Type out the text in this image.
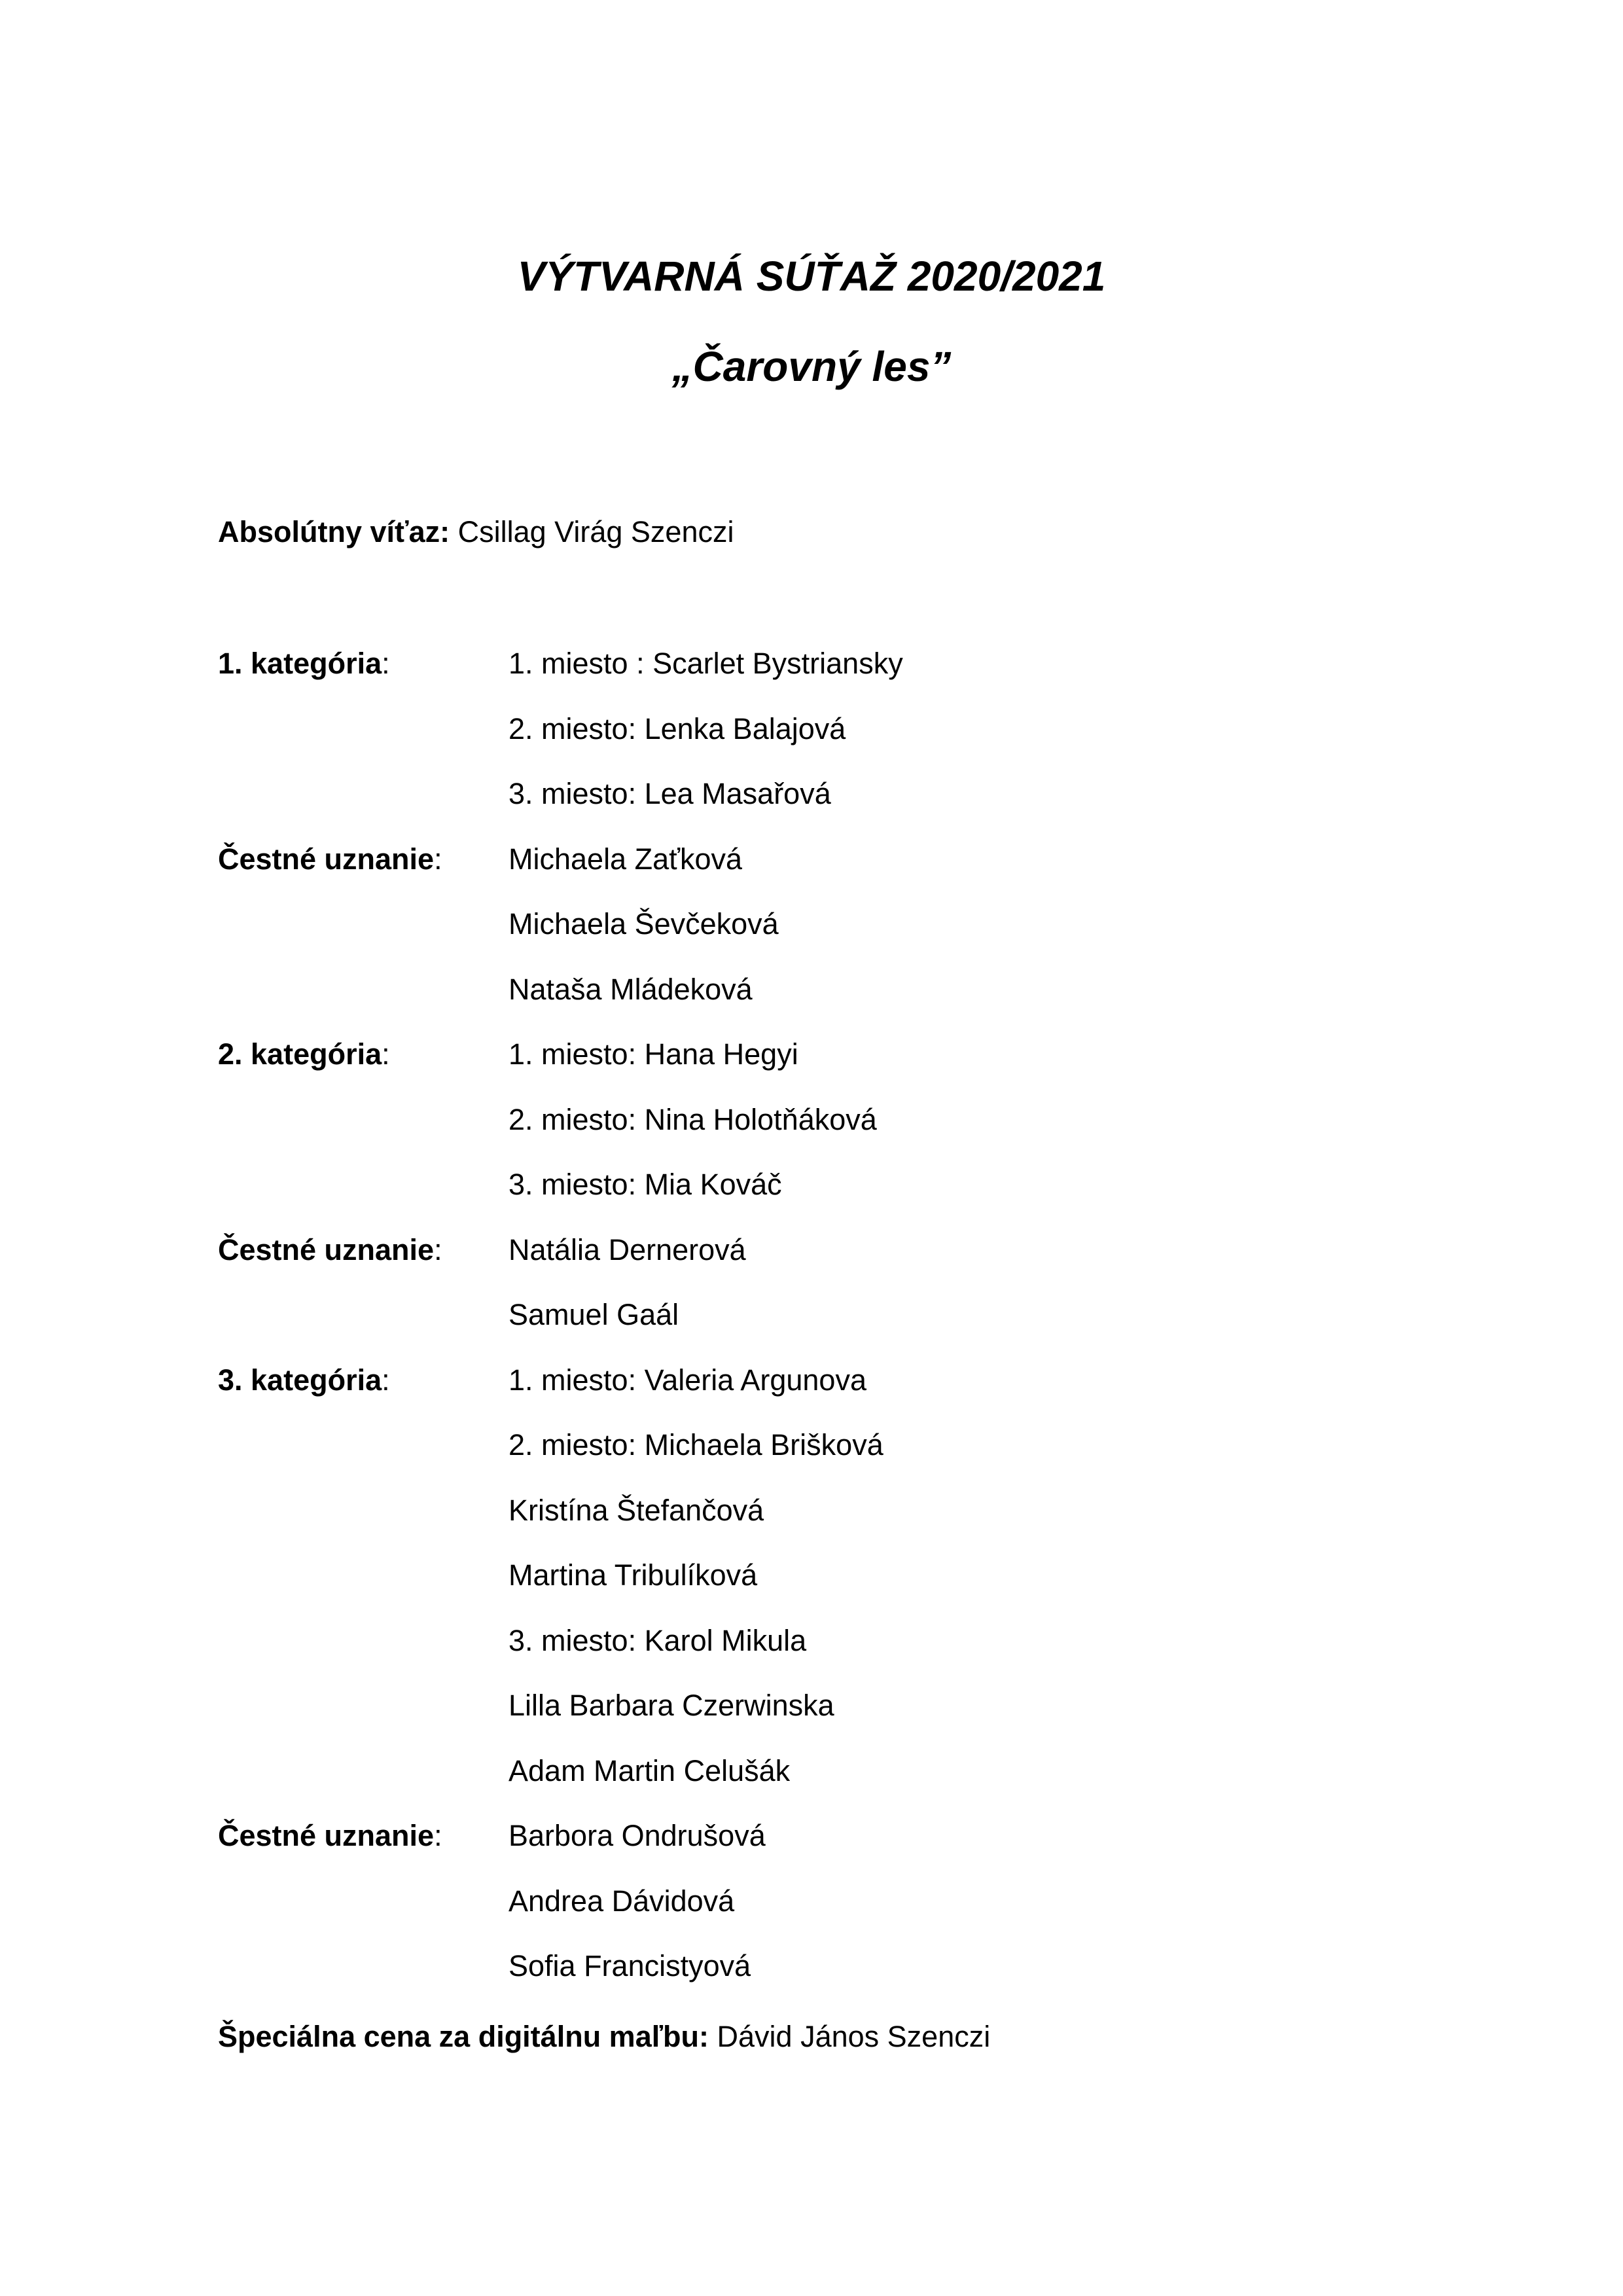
VÝTVARNÁ SÚŤAŽ 2020/2021
„Čarovný les”
Absolútny víťaz: Csillag Virág Szenczi
1. kategória:	1. miesto : Scarlet Bystriansky
2. miesto: Lenka Balajová
3. miesto: Lea Masařová
Čestné uznanie: Michaela Zaťková
Michaela Ševčeková
Nataša Mládeková
2. kategória:	1. miesto: Hana Hegyi
2. miesto: Nina Holotňáková
3. miesto: Mia Kováč
Čestné uznanie: Natália Dernerová
Samuel Gaál
3. kategória:	1. miesto: Valeria Argunova
2. miesto: Michaela Brišková
Kristína Štefančová
Martina Tribulíková
3. miesto: Karol Mikula
Lilla Barbara Czerwinska
Adam Martin Celušák
Čestné uznanie: Barbora Ondrušová
Andrea Dávidová
Sofia Francistyová
Špeciálna cena za digitálnu maľbu: Dávid János Szenczi
